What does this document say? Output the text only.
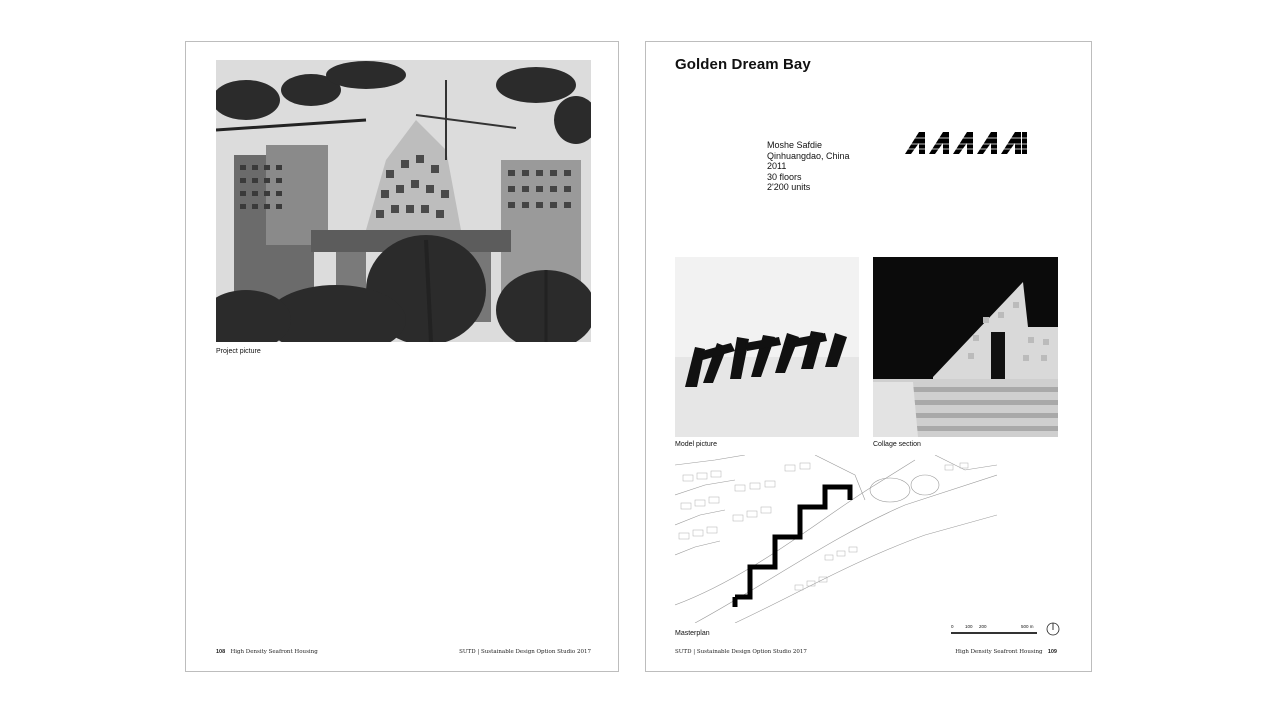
Project picture
108 High Density Seafront Housing	SUTD | Sustainable Design Option Studio 2017
Golden Dream Bay
Moshe Safdie
Qinhuangdao, China
2011
30 floors
2'200 units
Model picture	Collage section
Masterplan
0	100 200	500 m
SUTD | Sustainable Design Option Studio 2017	High Density Seafront Housing 109
